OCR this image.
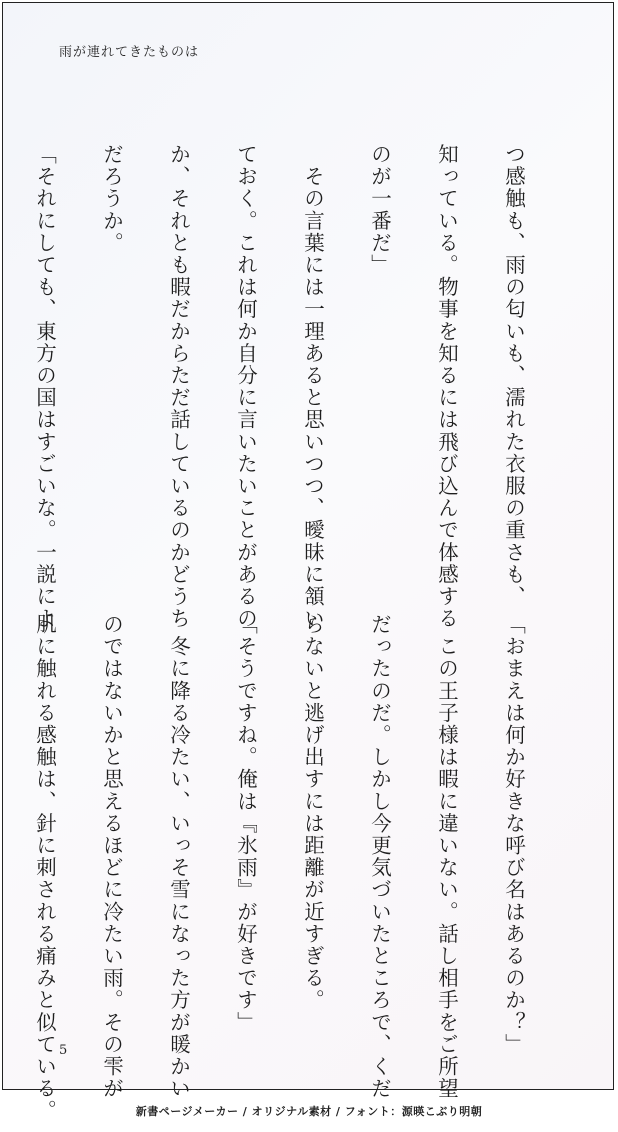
雨が連れてきたものは

つ感触も、雨の匂いも、濡れた衣服の重さも、

知っている。物事を知るには飛び込んで体感する

のが一番だ」

　その言葉には一理あると思いつつ、曖昧に頷い

ておく。これは何か自分に言いたいことがあるの

か、それとも暇だからただ話しているのかどうち

だろうか。

「それにしても、東方の国はすごいな。一説によ

「おまえは何か好きな呼び名はあるのか？」

　この王子様は暇に違いない。話し相手をご所望

だったのだ。しかし今更気づいたところで、くだ

らないと逃げ出すには距離が近すぎる。

「そうですね。俺は『氷雨』が好きです」

　冬に降る冷たい、いっそ雪になった方が暖かい

のではないかと思えるほどに冷たい雨。その雫が

肌に触れる感触は、針に刺される痛みと似ている。

5
新書ページメーカー / オリジナル素材 / フォント：源暎こぶり明朝
